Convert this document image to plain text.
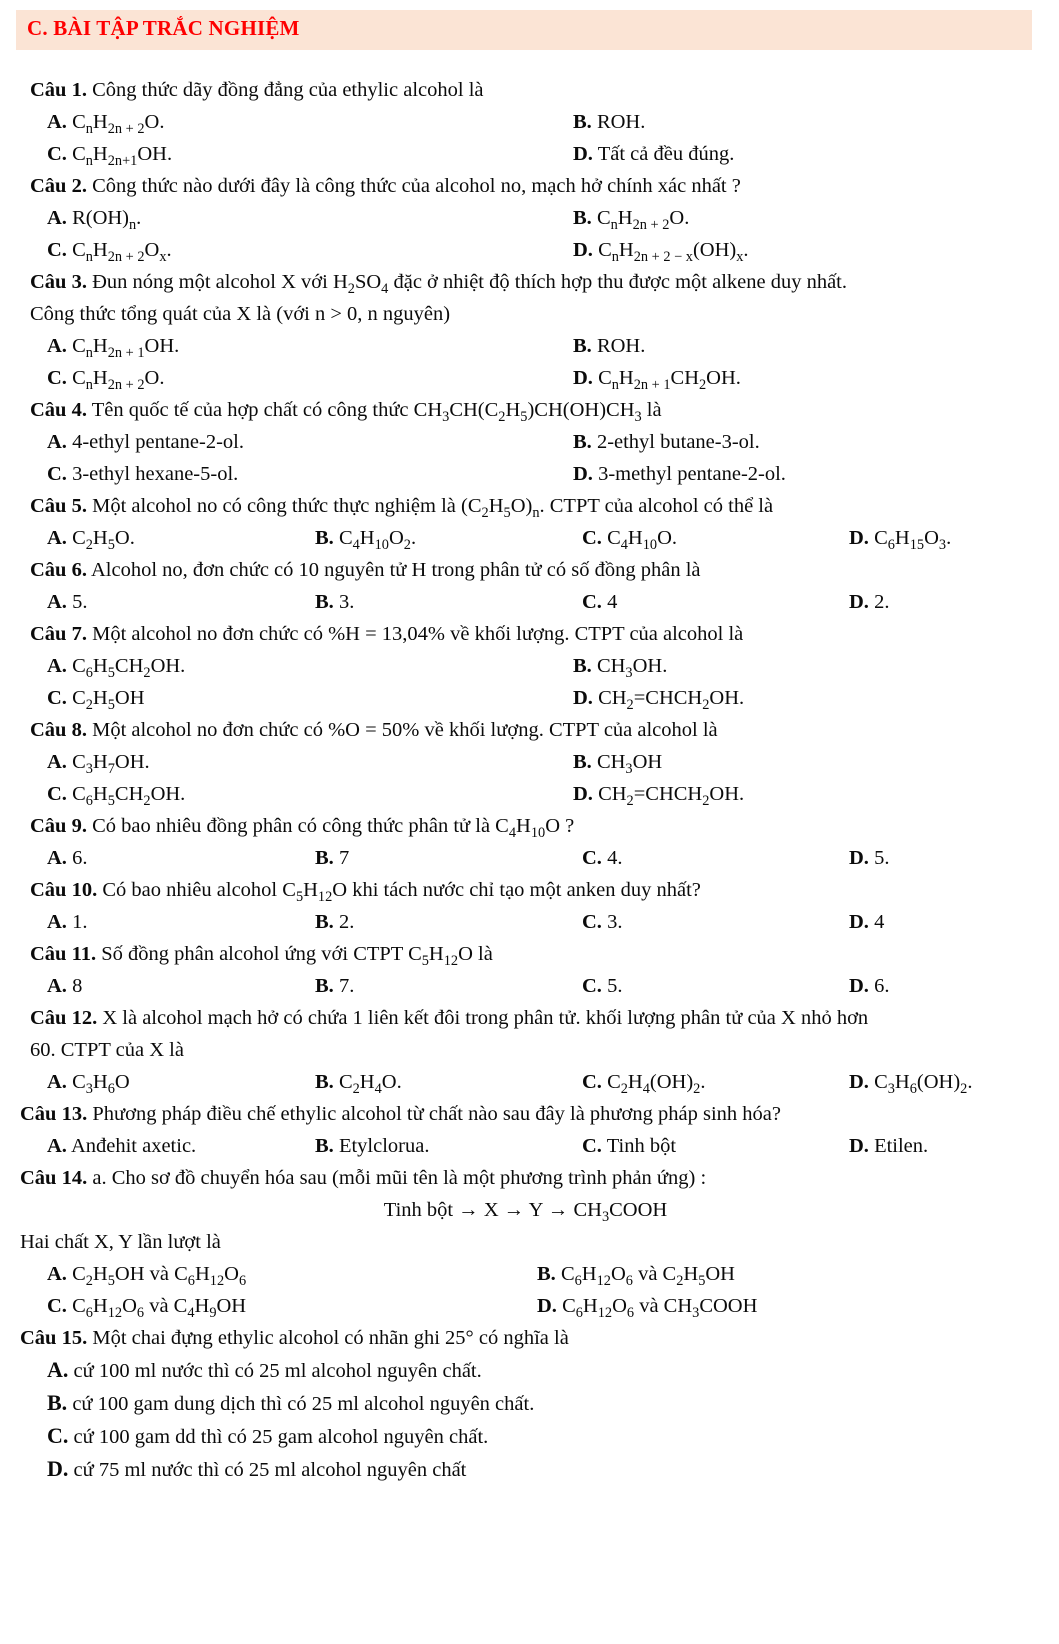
C. BÀI TẬP TRẮC NGHIỆM
Câu 1. Công thức dãy đồng đẳng của ethylic alcohol là
A. $C_nH_{2n + 2}O$.	B. ROH.
C. $C_nH_{2n+1}OH$.	D. Tất cả đều đúng.
Câu 2. Công thức nào dưới đây là công thức của alcohol no, mạch hở chính xác nhất ?
A. $R(OH)_n$.	B. $C_nH_{2n + 2}O$.
C. $C_nH_{2n + 2}O_x$.	D. $C_nH_{2n + 2 - x}(OH)_x$.
Câu 3. Đun nóng một alcohol X với $H_2SO_4$ đặc ở nhiệt độ thích hợp thu được một alkene duy nhất.
Công thức tổng quát của X là (với n > 0, n nguyên)
A. $C_nH_{2n + 1}OH$.	B. ROH.
C. $C_nH_{2n + 2}O$.	D. $C_nH_{2n + 1}CH_2OH$.
Câu 4. Tên quốc tế của hợp chất có công thức $CH_3CH(C_2H_5)CH(OH)CH_3$ là
A. 4-ethyl pentane-2-ol.	B. 2-ethyl butane-3-ol.
C. 3-ethyl hexane-5-ol.	D. 3-methyl pentane-2-ol.
Câu 5. Một alcohol no có công thức thực nghiệm là $(C_2H_5O)_n$. CTPT của alcohol có thể là
A. $C_2H_5O$.	B. $C_4H_{10}O_2$.	C. $C_4H_{10}O$.	D. $C_6H_{15}O_3$.
Câu 6. Alcohol no, đơn chức có 10 nguyên tử H trong phân tử có số đồng phân là
A. 5.	B. 3.	C. 4	D. 2.
Câu 7. Một alcohol no đơn chức có %H = 13,04% về khối lượng. CTPT của alcohol là
A. $C_6H_5CH_2OH$.	B. $CH_3OH$.
C. $C_2H_5OH$	D. $CH_2=CHCH_2OH$.
Câu 8. Một alcohol no đơn chức có %O = 50% về khối lượng. CTPT của alcohol là
A. $C_3H_7OH$.	B. $CH_3OH$
C. $C_6H_5CH_2OH$.	D. $CH_2=CHCH_2OH$.
Câu 9. Có bao nhiêu đồng phân có công thức phân tử là $C_4H_{10}O$ ?
A. 6.	B. 7	C. 4.	D. 5.
Câu 10. Có bao nhiêu alcohol $C_5H_{12}O$ khi tách nước chỉ tạo một anken duy nhất?
A. 1.	B. 2.	C. 3.	D. 4
Câu 11. Số đồng phân alcohol ứng với CTPT $C_5H_{12}O$ là
A. 8	B. 7.	C. 5.	D. 6.
Câu 12. X là alcohol mạch hở có chứa 1 liên kết đôi trong phân tử. khối lượng phân tử của X nhỏ hơn
60. CTPT của X là
A. $C_3H_6O$	B. $C_2H_4O$.	C. $C_2H_4(OH)_2$.	D. $C_3H_6(OH)_2$.
Câu 13. Phương pháp điều chế ethylic alcohol từ chất nào sau đây là phương pháp sinh hóa?
A. Anđehit axetic.	B. Etylclorua.	C. Tinh bột	D. Etilen.
Câu 14. a. Cho sơ đồ chuyển hóa sau (mỗi mũi tên là một phương trình phản ứng) :
Tinh bột → $X \to Y \to CH_3COOH$
Hai chất X, Y lần lượt là
A. $C_2H_5OH$ và $C_6H_{12}O_6$	B. $C_6H_{12}O_6$ và $C_2H_5OH$
C. $C_6H_{12}O_6$ và $C_4H_9OH$	D. $C_6H_{12}O_6$ và $CH_3COOH$
Câu 15. Một chai đựng ethylic alcohol có nhãn ghi 25° có nghĩa là
A. cứ 100 ml nước thì có 25 ml alcohol nguyên chất.
B. cứ 100 gam dung dịch thì có 25 ml alcohol nguyên chất.
C. cứ 100 gam dd thì có 25 gam alcohol nguyên chất.
D. cứ 75 ml nước thì có 25 ml alcohol nguyên chất
